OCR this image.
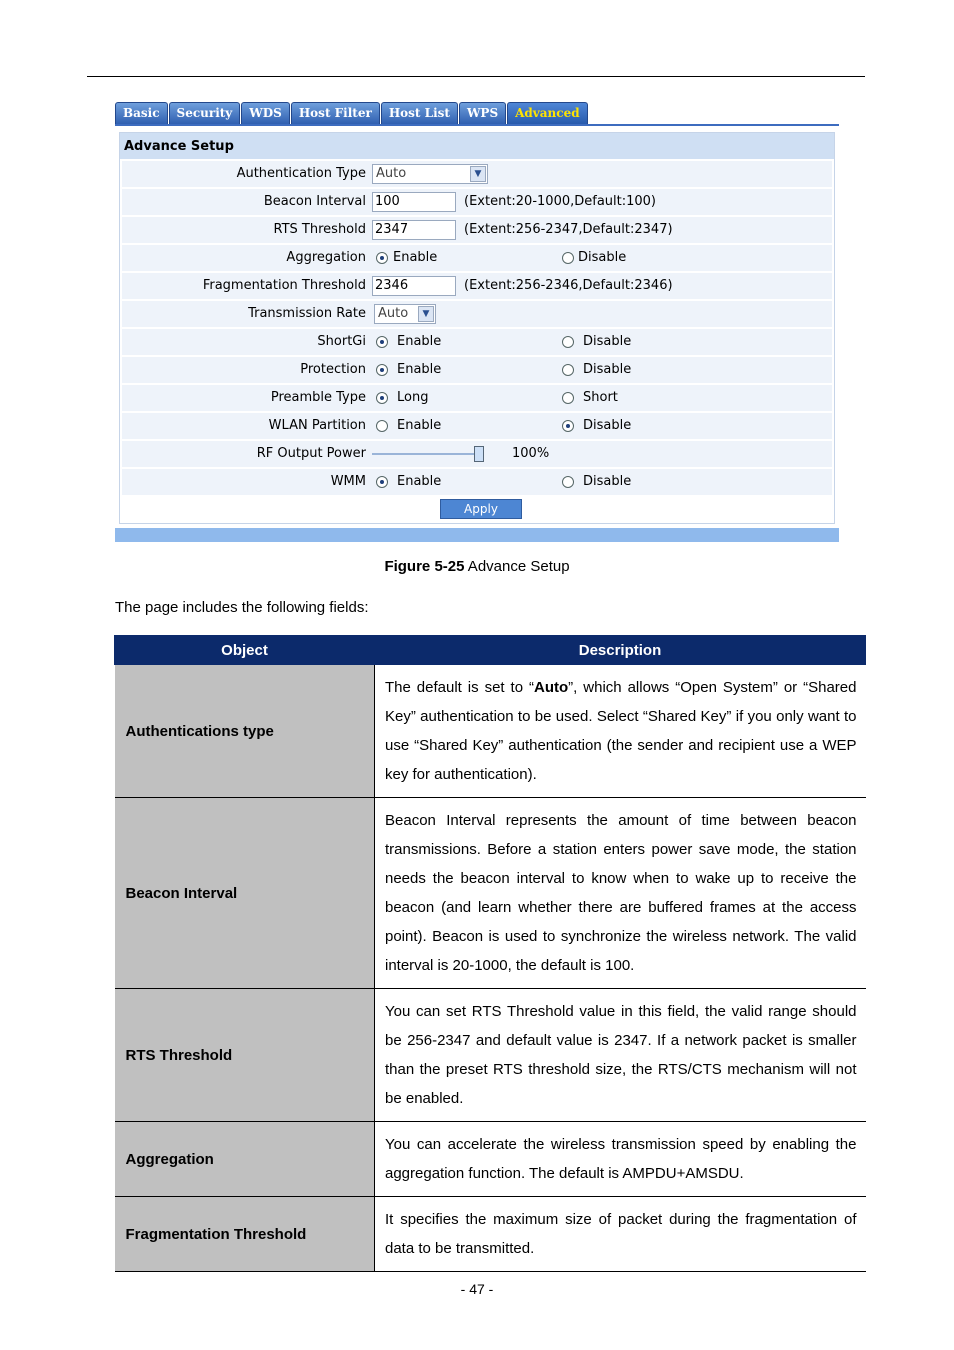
Basic	Security	WDS	Host Filter	Host List	WPS	Advanced
Advance Setup
Authentication Type Auto	▼
Beacon Interval 100	(Extent:20-1000,Default:100)
RTS Threshold 2347	(Extent:256-2347,Default:2347)
Aggregation Enable	Disable
Fragmentation Threshold 2346	(Extent:256-2346,Default:2346)
Transmission Rate Auto	▼
ShortGi Enable	Disable
Protection Enable	Disable
Preamble Type Long	Short
WLAN Partition Enable	Disable
RF Output Power	100%
WMM Enable	Disable
Apply
Figure 5-25 Advance Setup
The page includes the following fields:
Object	Description
Authentications type	The default is set to “Auto”, which allows “Open System” or “Shared Key” authentication to be used. Select “Shared Key” if you only want to use “Shared Key” authentication (the sender and recipient use a WEP key for authentication).
Beacon Interval	Beacon Interval represents the amount of time between beacon transmissions. Before a station enters power save mode, the station needs the beacon interval to know when to wake up to receive the beacon (and learn whether there are buffered frames at the access point). Beacon is used to synchronize the wireless network. The valid interval is 20-1000, the default is 100.
RTS Threshold	You can set RTS Threshold value in this field, the valid range should be 256-2347 and default value is 2347. If a network packet is smaller than the preset RTS threshold size, the RTS/CTS mechanism will not be enabled.
Aggregation	You can accelerate the wireless transmission speed by enabling the aggregation function. The default is AMPDU+AMSDU.
Fragmentation Threshold	It specifies the maximum size of packet during the fragmentation of data to be transmitted.
- 47 -
